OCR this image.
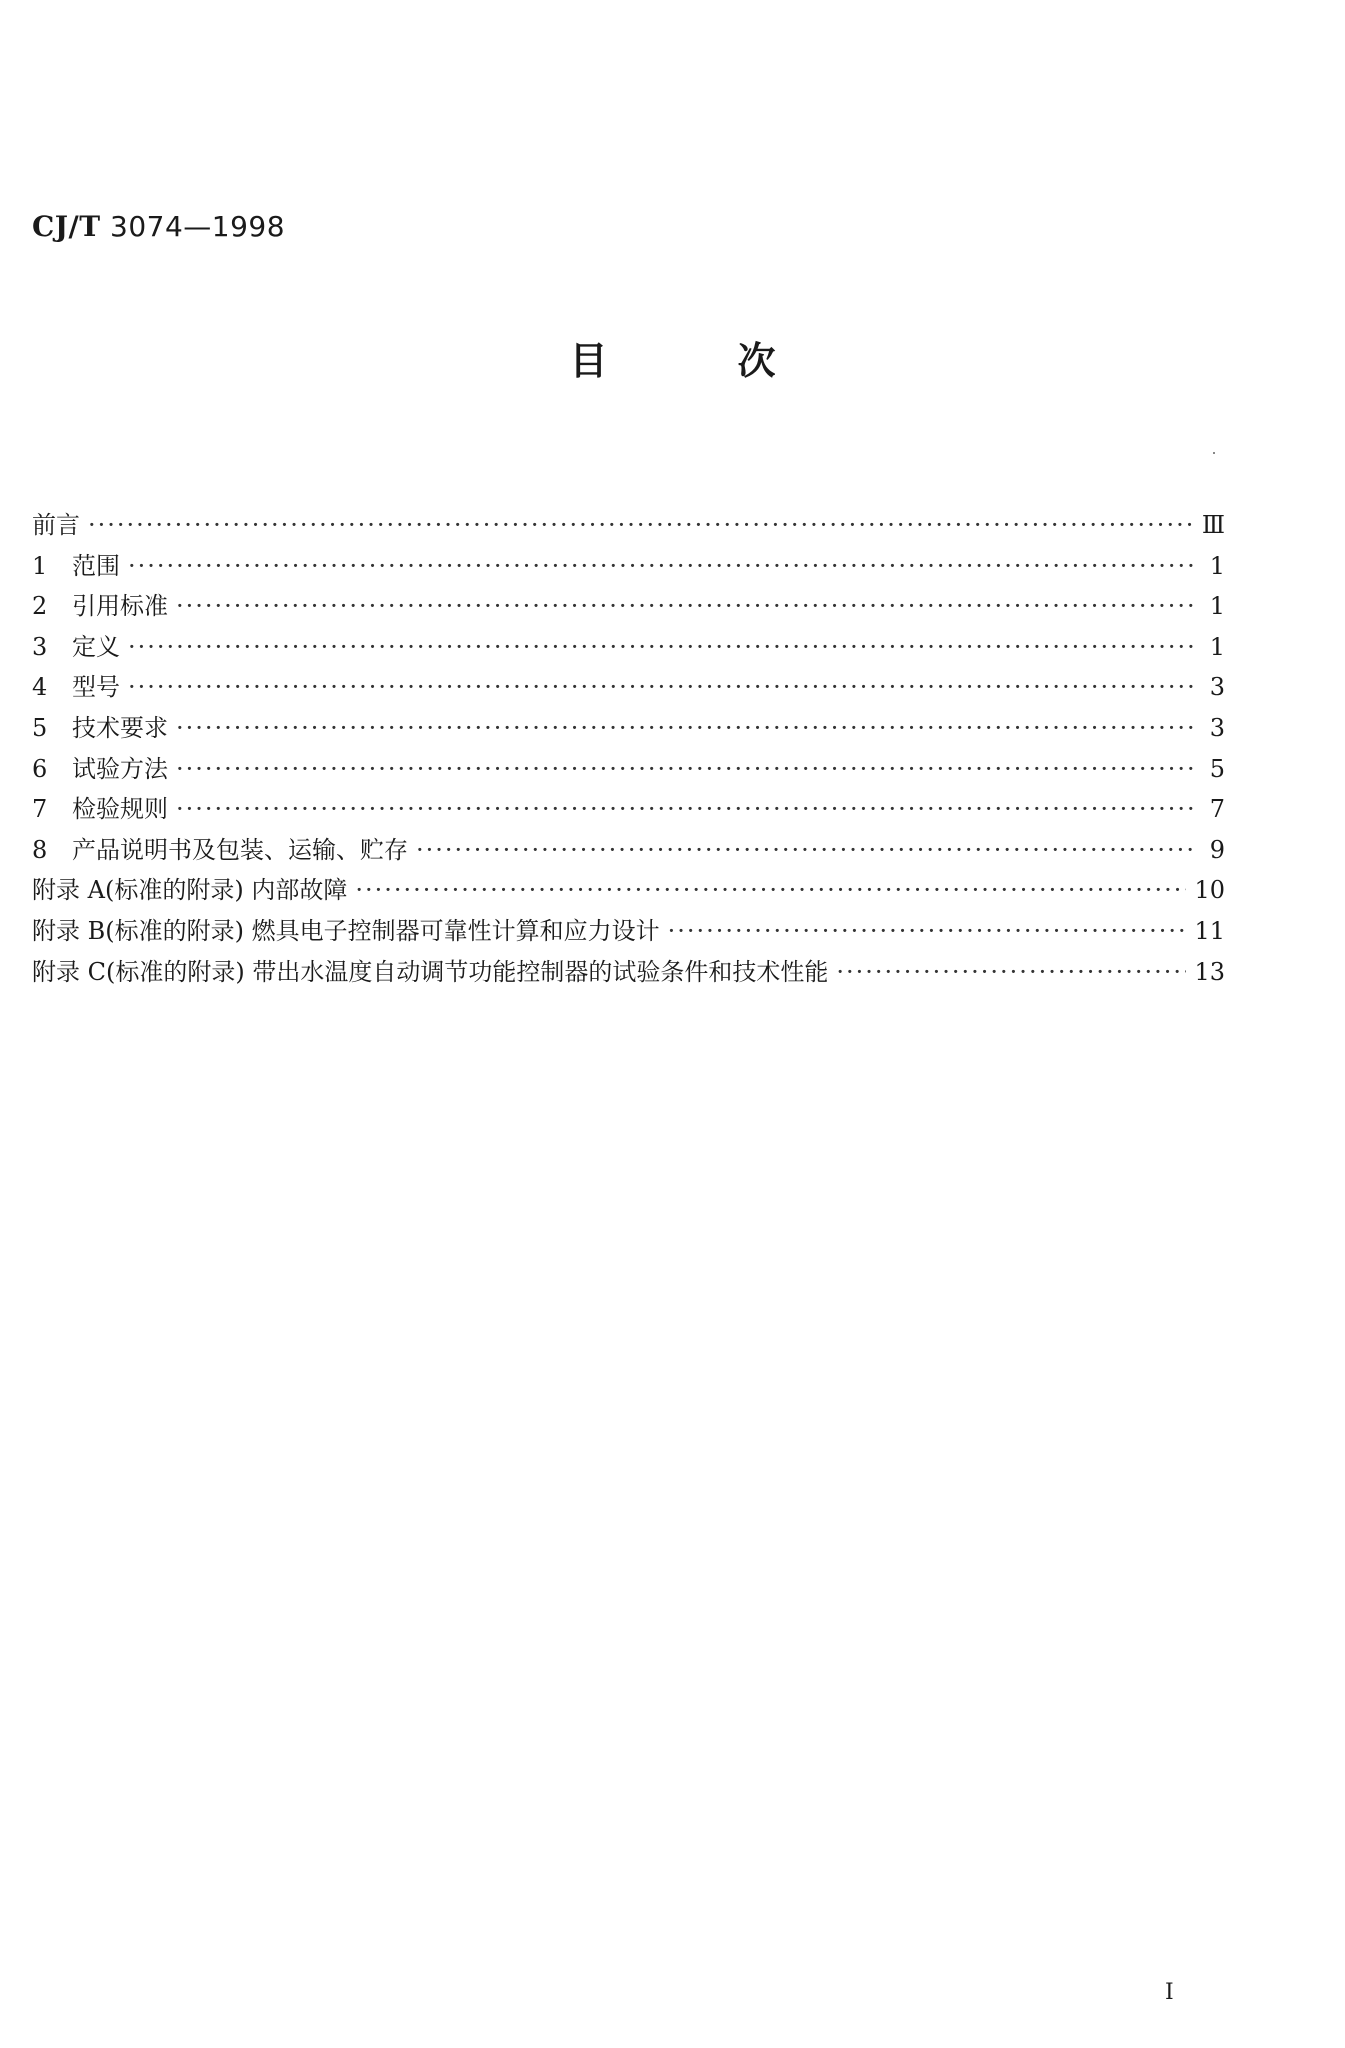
CJ/T 3074—1998
目	次
前言 ·····	Ⅲ
1	范围 ·····	1
2	引用标准 ·····	1
3	定义 ·····	1
4	型号 ·····	3
5	技术要求 ·····	3
6	试验方法 ·····	5
7	检验规则 ·····	7
8	产品说明书及包装、运输、贮存 ·····	9
附录 A(标准的附录) 内部故障 ·····	10
附录 B(标准的附录) 燃具电子控制器可靠性计算和应力设计 ·····	11
附录 C(标准的附录) 带出水温度自动调节功能控制器的试验条件和技术性能 ·····	13
I
